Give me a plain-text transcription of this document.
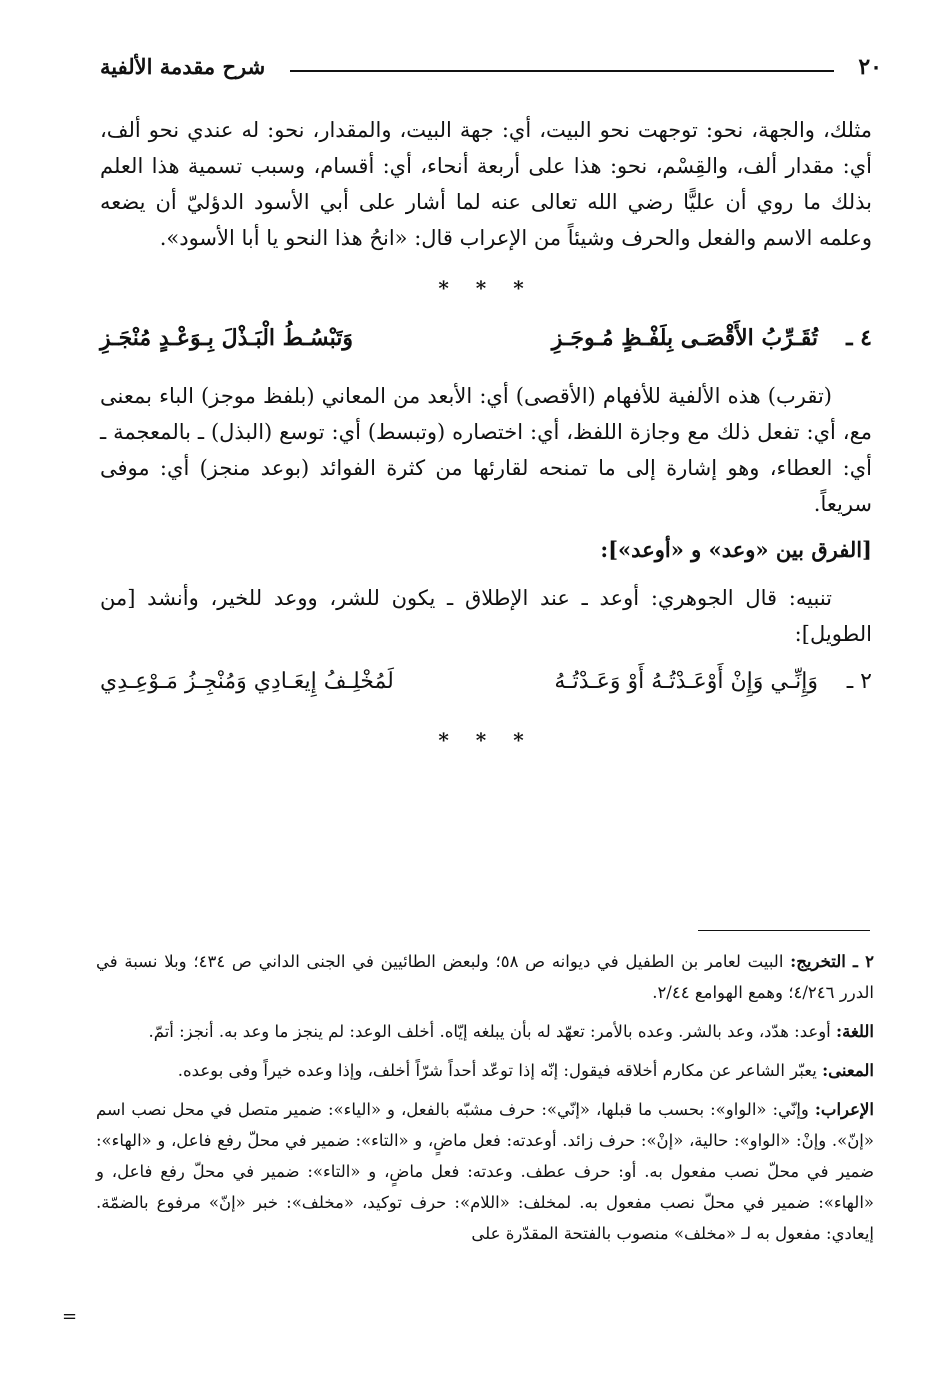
٢٠
شرح مقدمة الألفية

مثلك، والجهة، نحو: توجهت نحو البيت، أي: جهة البيت، والمقدار، نحو: له عندي نحو ألف، أي: مقدار ألف، والقِسْم، نحو: هذا على أربعة أنحاء، أي: أقسام، وسبب تسمية هذا العلم بذلك ما روي أن عليًّا رضي الله تعالى عنه لما أشار على أبي الأسود الدؤليّ أن يضعه وعلمه الاسم والفعل والحرف وشيئاً من الإعراب قال: «انحُ هذا النحو يا أبا الأسود».

* * *
٤ ـ
تُقَـرِّبُ الأَقْصَـى بِلَفْـظٍ مُـوجَـزِ
وَتَبْسُـطُ الْبَـذْلَ بِـوَعْـدٍ مُنْجَـزِ

(تقرب) هذه الألفية للأفهام (الأقصى) أي: الأبعد من المعاني (بلفظ موجز) الباء بمعنى مع، أي: تفعل ذلك مع وجازة اللفظ، أي: اختصاره (وتبسط) أي: توسع (البذل) ـ بالمعجمة ـ أي: العطاء، وهو إشارة إلى ما تمنحه لقارئها من كثرة الفوائد (بوعد منجز) أي: موفى سريعاً.

[الفرق بين «وعد» و «أوعد»]:

تنبيه: قال الجوهري: أوعد ـ عند الإطلاق ـ يكون للشر، ووعد للخير، وأنشد [من الطويل]:

٢ ـ
وَإِنِّـي وَإِنْ أَوْعَـدْتُـهُ أَوْ وَعَـدْتُـهُ
لَمُخْلِـفُ إِيعَـادِي وَمُنْجِـزُ مَـوْعِـدِي
* * *

٢ ـ التخريج: البيت لعامر بن الطفيل في ديوانه ص ٥٨؛ ولبعض الطائيين في الجنى الداني ص ٤٣٤؛ وبلا نسبة في الدرر ٤/٢٤٦؛ وهمع الهوامع ٢/٤٤.

اللغة: أوعد: هدّد، وعد بالشر. وعده بالأمر: تعهّد له بأن يبلغه إيّاه. أخلف الوعد: لم ينجز ما وعد به. أنجز: أتمّ.

المعنى: يعبّر الشاعر عن مكارم أخلاقه فيقول: إنّه إذا توعّد أحداً شرّاً أخلف، وإذا وعده خيراً وفى بوعده.

الإعراب: وإنّي: «الواو»: بحسب ما قبلها، «إنّي»: حرف مشبّه بالفعل، و «الياء»: ضمير متصل في محل نصب اسم «إنّ». وإنْ: «الواو»: حالية، «إنْ»: حرف زائد. أوعدته: فعل ماضٍ، و «التاء»: ضمير في محلّ رفع فاعل، و «الهاء»: ضمير في محلّ نصب مفعول به. أو: حرف عطف. وعدته: فعل ماضٍ، و «التاء»: ضمير في محلّ رفع فاعل، و «الهاء»: ضمير في محلّ نصب مفعول به. لمخلف: «اللام»: حرف توكيد، «مخلف»: خبر «إنّ» مرفوع بالضمّة. إيعادي: مفعول به لـ «مخلف» منصوب بالفتحة المقدّرة على

=
